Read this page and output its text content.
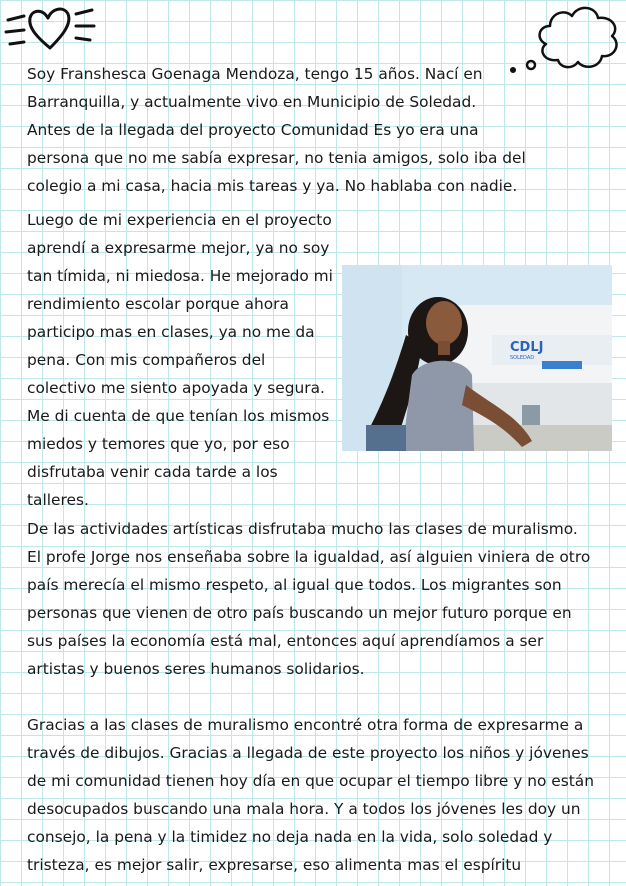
Soy Franshesca Goenaga Mendoza, tengo 15 años. Nací en
Barranquilla, y actualmente vivo en Municipio de Soledad.
Antes de la llegada del proyecto Comunidad Es yo era una
persona que no me sabía expresar, no tenia amigos, solo iba del
colegio a mi casa, hacia mis tareas y ya. No hablaba con nadie.

Luego de mi experiencia en el proyecto
aprendí a expresarme mejor, ya no soy
tan tímida, ni miedosa. He mejorado mi
rendimiento escolar porque ahora
participo mas en clases, ya no me da
pena. Con mis compañeros del
colectivo me siento apoyada y segura.
Me di cuenta de que tenían los mismos
miedos y temores que yo, por eso
disfrutaba venir cada tarde a los
talleres.

CDLJ
SOLEDAD

De las actividades artísticas disfrutaba mucho las clases de muralismo.
El profe Jorge nos enseñaba sobre la igualdad, así alguien viniera de otro
país merecía el mismo respeto, al igual que todos. Los migrantes son
personas que vienen de otro país buscando un mejor futuro porque en
sus países la economía está mal, entonces aquí aprendíamos a ser
artistas y buenos seres humanos solidarios.

Gracias a las clases de muralismo encontré otra forma de expresarme a
través de dibujos. Gracias a llegada de este proyecto los niños y jóvenes
de mi comunidad tienen hoy día en que ocupar el tiempo libre y no están
desocupados buscando una mala hora. Y a todos los jóvenes les doy un
consejo, la pena y la timidez no deja nada en la vida, solo soledad y
tristeza, es mejor salir, expresarse, eso alimenta mas el espíritu
